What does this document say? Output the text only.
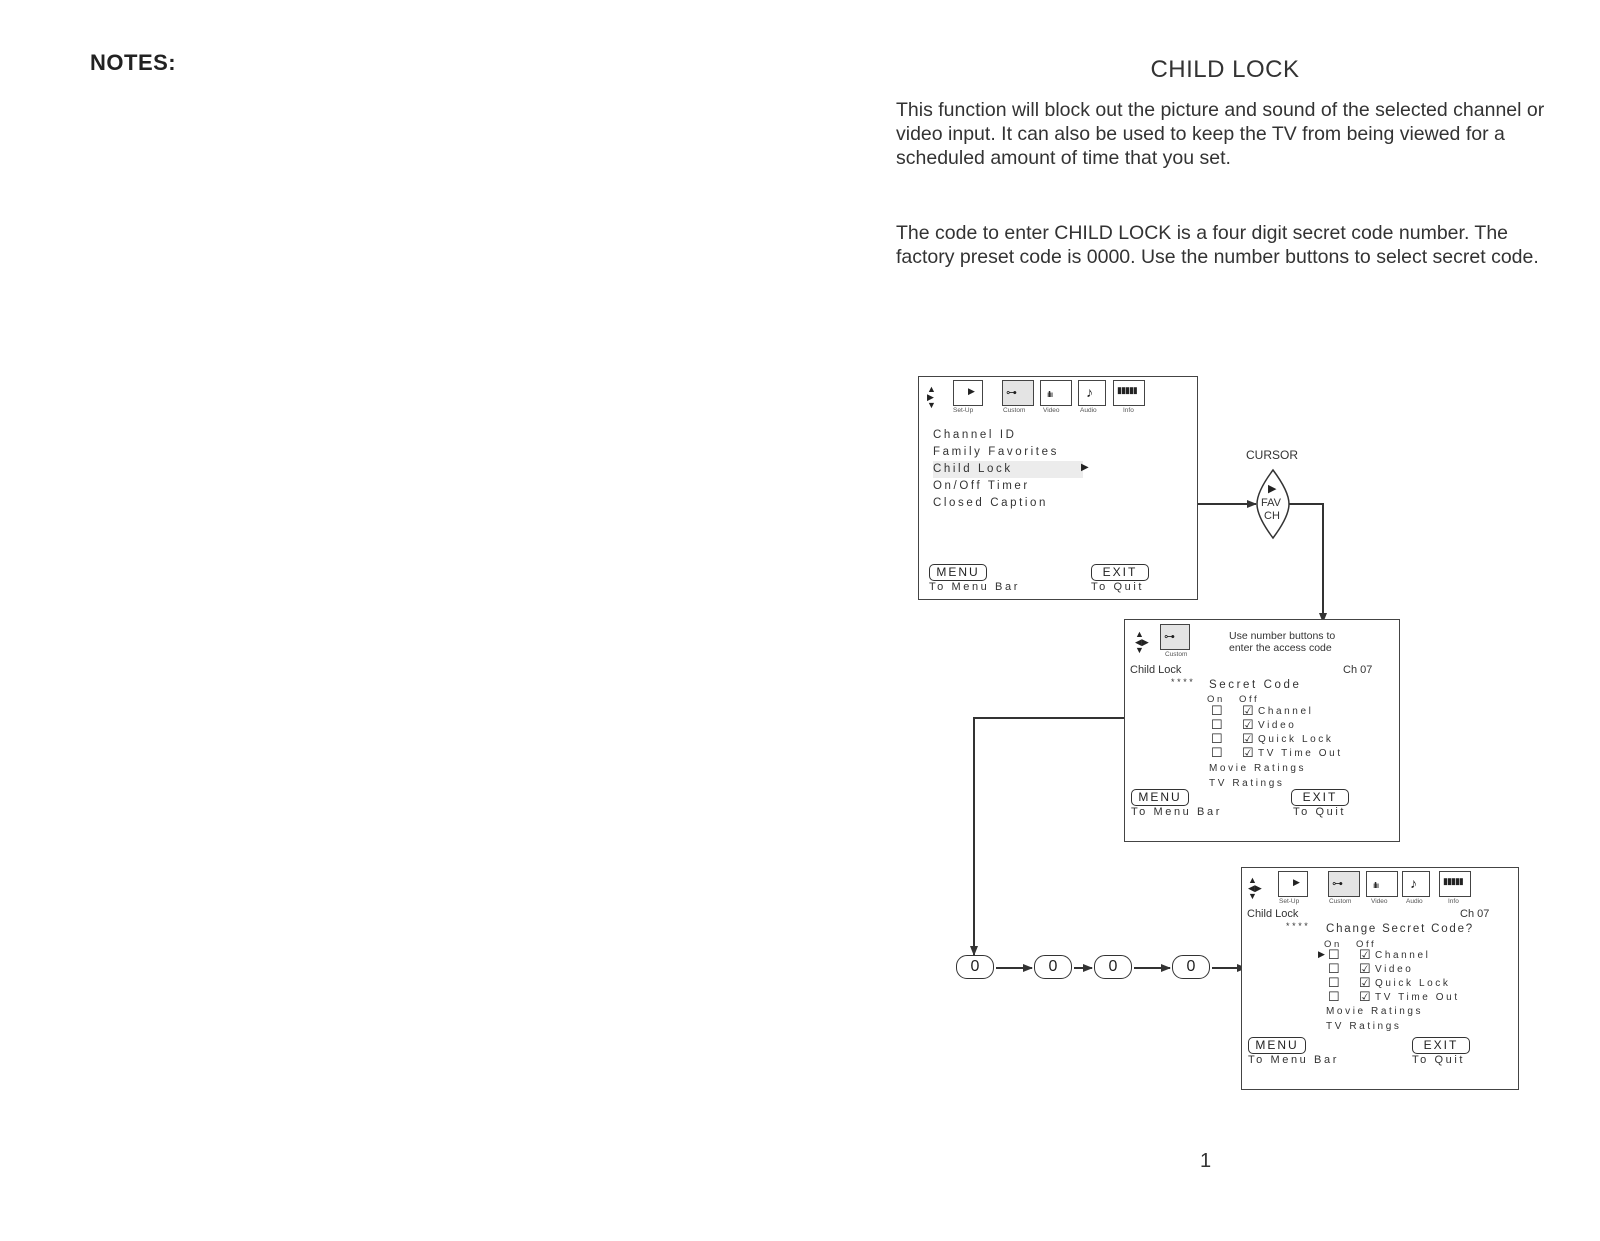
NOTES:	CHILD LOCK
This function will block out the picture and sound of the selected channel or video input. It can also be used to keep the TV from being viewed for a scheduled amount of time that you set.
The code to enter CHILD LOCK is a four digit secret code number. The factory preset code is 0000. Use the number buttons to select secret code.
▲
▶
▼
▶	⊶	ıllıı ♪	▮▮▮▮▮
Set-Up	Custom	Video	Audio	Info
Channel ID
Family Favorites
Child Lock	▶
On/Off Timer
Closed Caption
MENU
To Menu Bar
EXIT
To Quit
CURSOR
▶
FAV
CH
▲
◀▶
▼
⊶
Custom
Use number buttons to
enter the access code
Child Lock	Ch 07
**** Secret Code
On Off
☐ ☑ Channel
☐ ☑ Video
☐ ☑ Quick Lock
☐ ☑ TV Time Out
Movie Ratings
TV Ratings
MENU
To Menu Bar
EXIT
To Quit
0	0	0	0
▲
◀▶
▼
▶	⊶	ıllıı ♪	▮▮▮▮▮
Set-Up	Custom	Video	Audio	Info
Child Lock	Ch 07
**** Change Secret Code?
On Off
▶ ☐ ☑ Channel
☐ ☑ Video
☐ ☑ Quick Lock
☐ ☑ TV Time Out
Movie Ratings
TV Ratings
MENU
To Menu Bar
EXIT
To Quit
1
